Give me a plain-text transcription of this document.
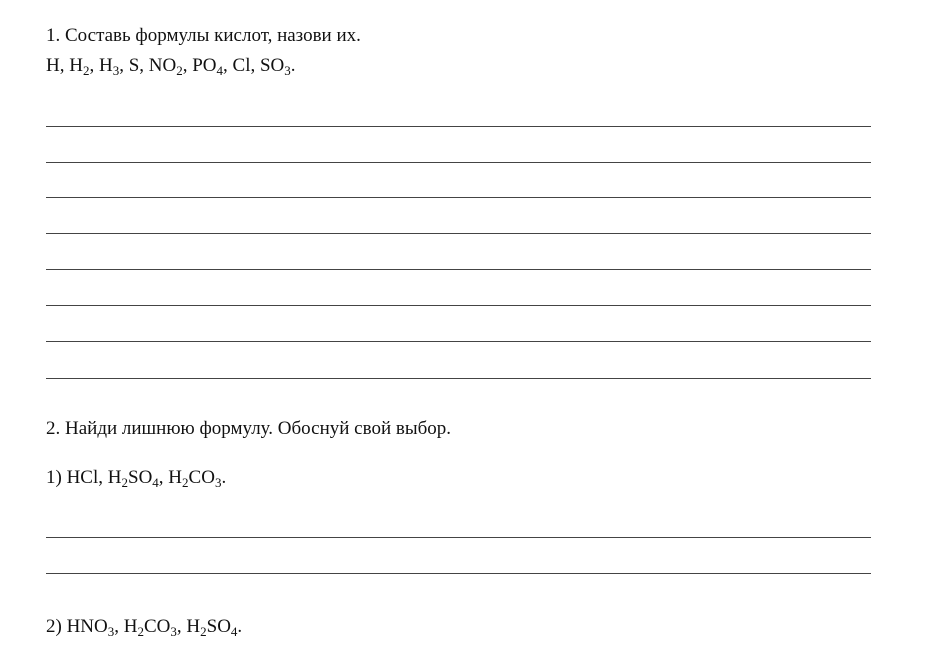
1. Составь формулы кислот, назови их.
H, $H_2$, $H_3$, S, $NO_2$, $PO_4$, Cl, $SO_3$.
2. Найди лишнюю формулу. Обоснуй свой выбор.
1) HCl, $H_2SO_4$, $H_2CO_3$.
2) $HNO_3$, $H_2CO_3$, $H_2SO_4$.
